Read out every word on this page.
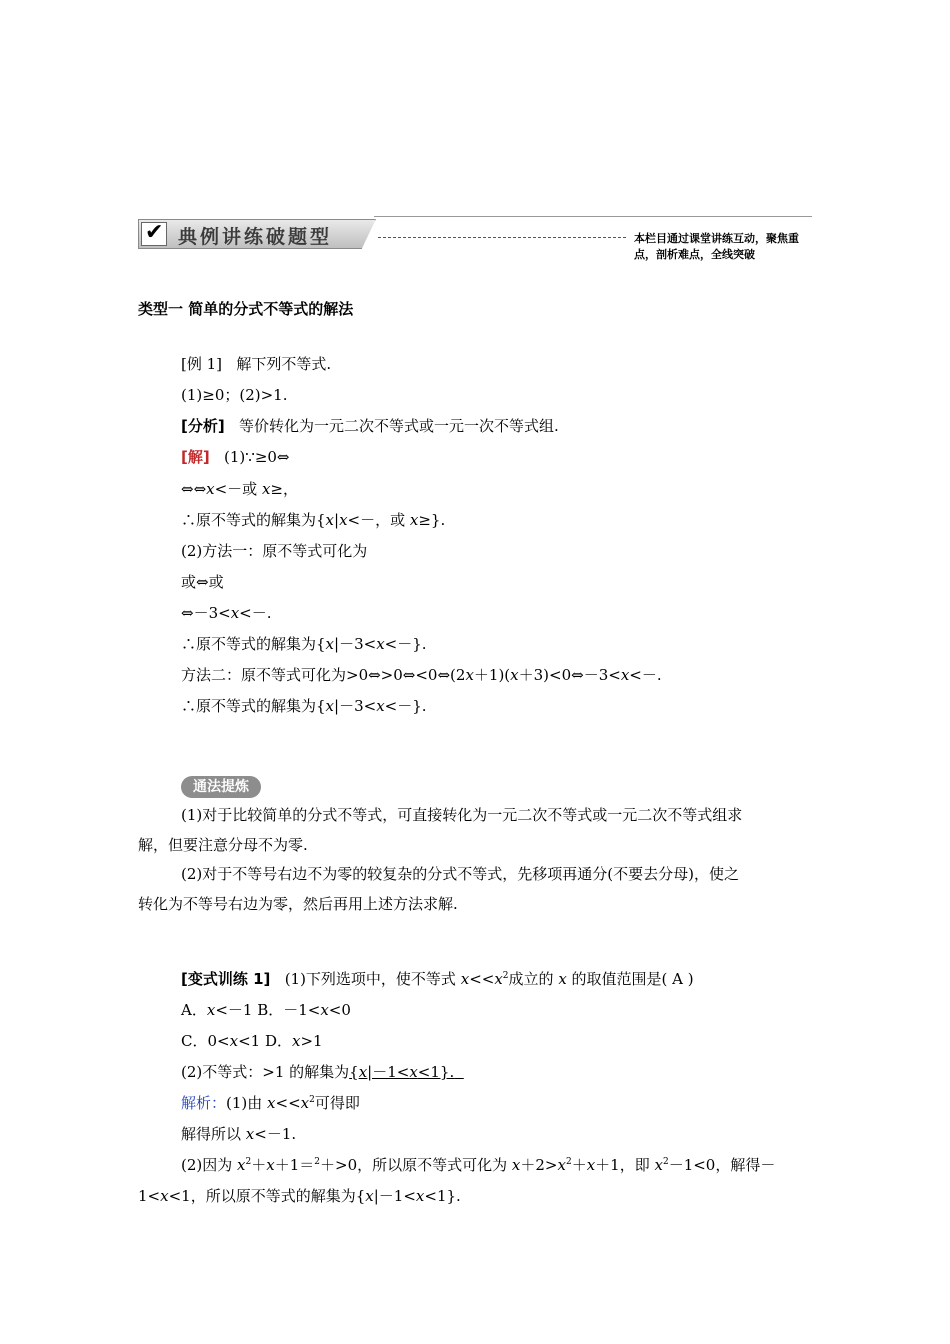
✔ 典例讲练破题型	本栏目通过课堂讲练互动，聚焦重点，剖析难点，全线突破
类型一 简单的分式不等式的解法
[例 1] 解下列不等式.
(1)≥0；(2)>1.
[分析] 等价转化为一元二次不等式或一元一次不等式组.
[解] (1)∵≥0⇔
⇔⇔x<－或 x≥，
∴原不等式的解集为{x|x<－，或 x≥}.
(2)方法一：原不等式可化为
或⇔或
⇔－3<x<－.
∴原不等式的解集为{x|－3<x<－}.
方法二：原不等式可化为>0⇔>0⇔<0⇔(2x＋1)(x＋3)<0⇔－3<x<－.
∴原不等式的解集为{x|－3<x<－}.
通法提炼
(1)对于比较简单的分式不等式，可直接转化为一元二次不等式或一元二次不等式组求
解，但要注意分母不为零.
(2)对于不等号右边不为零的较复杂的分式不等式，先移项再通分(不要去分母)，使之
转化为不等号右边为零，然后再用上述方法求解.
[变式训练 1] (1)下列选项中，使不等式 $x<<x^2$成立的 x 的取值范围是( A )
A．x<－1 B．－1<x<0
C．0<x<1 D．x>1
(2)不等式：>1 的解集为{x|－1<x<1}.
解析：(1)由 $x<<x^2$可得即
解得所以 x<－1.
(2)因为 $x^2+x+1=^2+>0$，所以原不等式可化为 $x+2>x^2+x+1$，即 $x^2-1<0$，解得－
1<x<1，所以原不等式的解集为{x|－1<x<1}.
